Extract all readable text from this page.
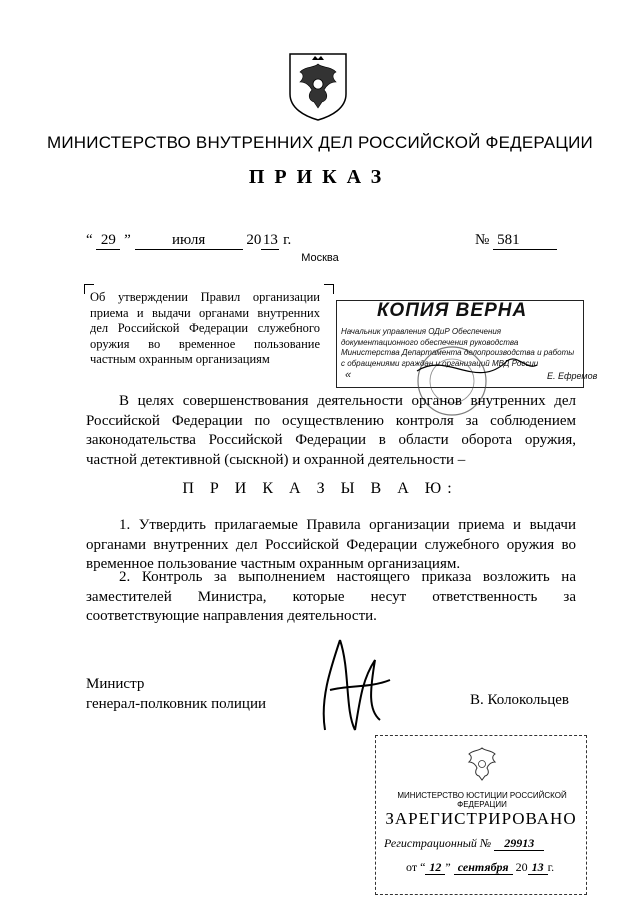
МИНИСТЕРСТВО ВНУТРЕННИХ ДЕЛ РОССИЙСКОЙ ФЕДЕРАЦИИ
ПРИКАЗ
“ 29 ”	июля	20 13 г.	№ 581
Москва
Об утверждении Правил организации приема и выдачи органами внутренних дел Российской Федерации служебного оружия во временное пользование частным охранным организациям
КОПИЯ ВЕРНА
Начальник управления ОДиР Обеспечения документационного обеспечения руководства Министерства Департамента делопроизводства и работы с обращениями граждан и организаций МВД России
«	Е. Ефремов
В целях совершенствования деятельности органов внутренних дел Российской Федерации по осуществлению контроля за соблюдением законодательства Российской Федерации в области оборота оружия, частной детективной (сыскной) и охранной деятельности –
П Р И К А З Ы В А Ю:
1. Утвердить прилагаемые Правила организации приема и выдачи органами внутренних дел Российской Федерации служебного оружия во временное пользование частным охранным организациям.
2. Контроль за выполнением настоящего приказа возложить на заместителей Министра, которые несут ответственность за соответствующие направления деятельности.
Министр
генерал-полковник полиции	В. Колокольцев
МИНИСТЕРСТВО ЮСТИЦИИ РОССИЙСКОЙ ФЕДЕРАЦИИ
ЗАРЕГИСТРИРОВАНО
Регистрационный № 29913
от “ 12 ” сентября 20 13 г.
